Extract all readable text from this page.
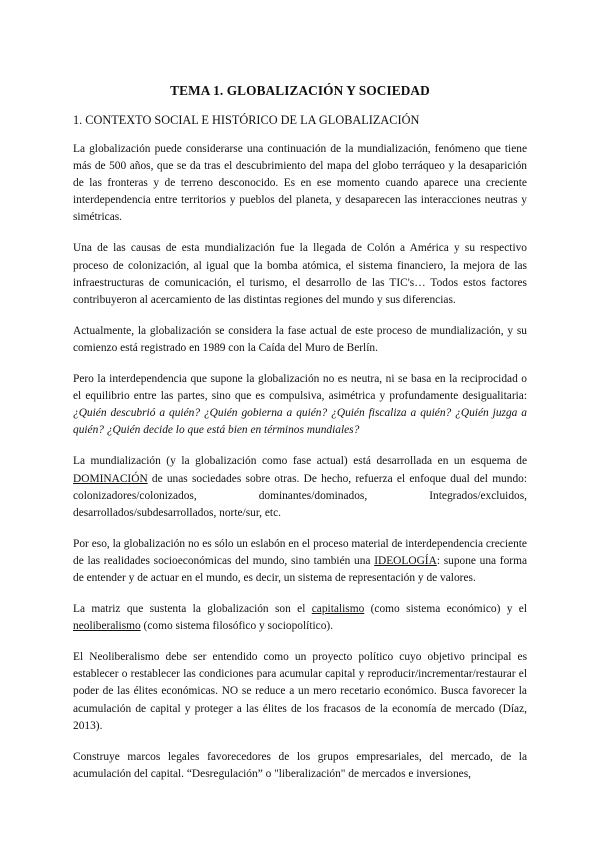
TEMA 1. GLOBALIZACIÓN Y SOCIEDAD
1. CONTEXTO SOCIAL E HISTÓRICO DE LA GLOBALIZACIÓN

La globalización puede considerarse una continuación de la mundialización, fenómeno que tiene más de 500 años, que se da tras el descubrimiento del mapa del globo terráqueo y la desaparición de las fronteras y de terreno desconocido. Es en ese momento cuando aparece una creciente interdependencia entre territorios y pueblos del planeta, y desaparecen las interacciones neutras y simétricas.

Una de las causas de esta mundialización fue la llegada de Colón a América y su respectivo proceso de colonización, al igual que la bomba atómica, el sistema financiero, la mejora de las infraestructuras de comunicación, el turismo, el desarrollo de las TIC's… Todos estos factores contribuyeron al acercamiento de las distintas regiones del mundo y sus diferencias.

Actualmente, la globalización se considera la fase actual de este proceso de mundialización, y su comienzo está registrado en 1989 con la Caída del Muro de Berlín.

Pero la interdependencia que supone la globalización no es neutra, ni se basa en la reciprocidad o el equilibrio entre las partes, sino que es compulsiva, asimétrica y profundamente desigualitaria: ¿Quién descubrió a quién? ¿Quién gobierna a quién? ¿Quién fiscaliza a quién? ¿Quién juzga a quién? ¿Quién decide lo que está bien en términos mundiales?

La mundialización (y la globalización como fase actual) está desarrollada en un esquema de DOMINACIÓN de unas sociedades sobre otras. De hecho, refuerza el enfoque dual del mundo: colonizadores/colonizados, dominantes/dominados, Integrados/excluidos, desarrollados/subdesarrollados, norte/sur, etc.

Por eso, la globalización no es sólo un eslabón en el proceso material de interdependencia creciente de las realidades socioeconómicas del mundo, sino también una IDEOLOGÍA: supone una forma de entender y de actuar en el mundo, es decir, un sistema de representación y de valores.

La matriz que sustenta la globalización son el capitalismo (como sistema económico) y el neoliberalismo (como sistema filosófico y sociopolítico).

El Neoliberalismo debe ser entendido como un proyecto político cuyo objetivo principal es establecer o restablecer las condiciones para acumular capital y reproducir/incrementar/restaurar el poder de las élites económicas. NO se reduce a un mero recetario económico. Busca favorecer la acumulación de capital y proteger a las élites de los fracasos de la economía de mercado (Díaz, 2013).

Construye marcos legales favorecedores de los grupos empresariales, del mercado, de la acumulación del capital. “Desregulación” o "liberalización" de mercados e inversiones,
